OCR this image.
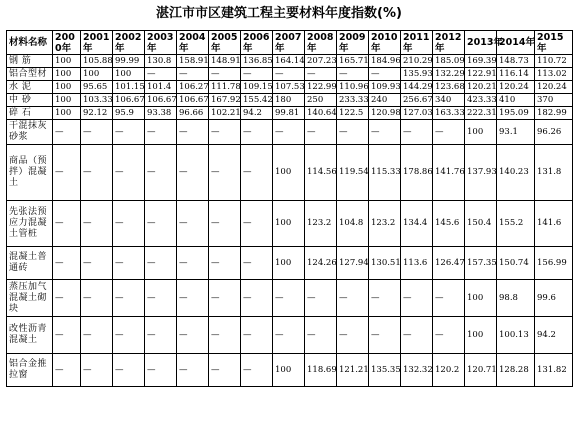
湛江市市区建筑工程主要材料年度指数(%)
材料名称	2000年	2001年	2002年	2003年	2004年	2005年	2006年	2007年	2008年	2009年	2010年	2011年	2012年	2013年	2014年	2015年
钢 筋	100	105.88	99.99	130.8	158.91	148.91	136.85	164.14	207.23	165.71	184.96	210.29	185.09	169.39	148.73	110.72
铝合型材	100	100	100	—	—	—	—	—	—	—	—	135.93	132.29	122.91	116.14	113.02
水 泥	100	95.65	101.15	101.4	106.27	111.78	109.15	107.53	122.99	110.96	109.93	144.29	123.68	120.21	120.24	120.24
中 砂	100	103.33	106.67	106.67	106.67	167.92	155.42	180	250	233.33	240	256.67	340	423.33	410	370
碎 石	100	92.12	95.9	93.38	96.66	102.21	94.2	99.81	140.64	122.5	120.98	127.03	163.33	222.31	195.09	182.99
干混抹灰砂浆	—	—	—	—	—	—	—	—	—	—	—	—	—	100	93.1	96.26
商品（预拌）混凝土	—	—	—	—	—	—	—	100	114.56	119.54	115.33	178.86	141.76	137.93	140.23	131.8
先张法预应力混凝土管桩	—	—	—	—	—	—	—	100	123.2	104.8	123.2	134.4	145.6	150.4	155.2	141.6
混凝土普通砖	—	—	—	—	—	—	—	100	124.26	127.94	130.51	113.6	126.47	157.35	150.74	156.99
蒸压加气混凝土砌块	—	—	—	—	—	—	—	—	—	—	—	—	—	100	98.8	99.6
改性沥青混凝土	—	—	—	—	—	—	—	—	—	—	—	—	—	100	100.13	94.2
铝合金推拉窗	—	—	—	—	—	—	—	100	118.69	121.21	135.35	132.32	120.2	120.71	128.28	131.82
